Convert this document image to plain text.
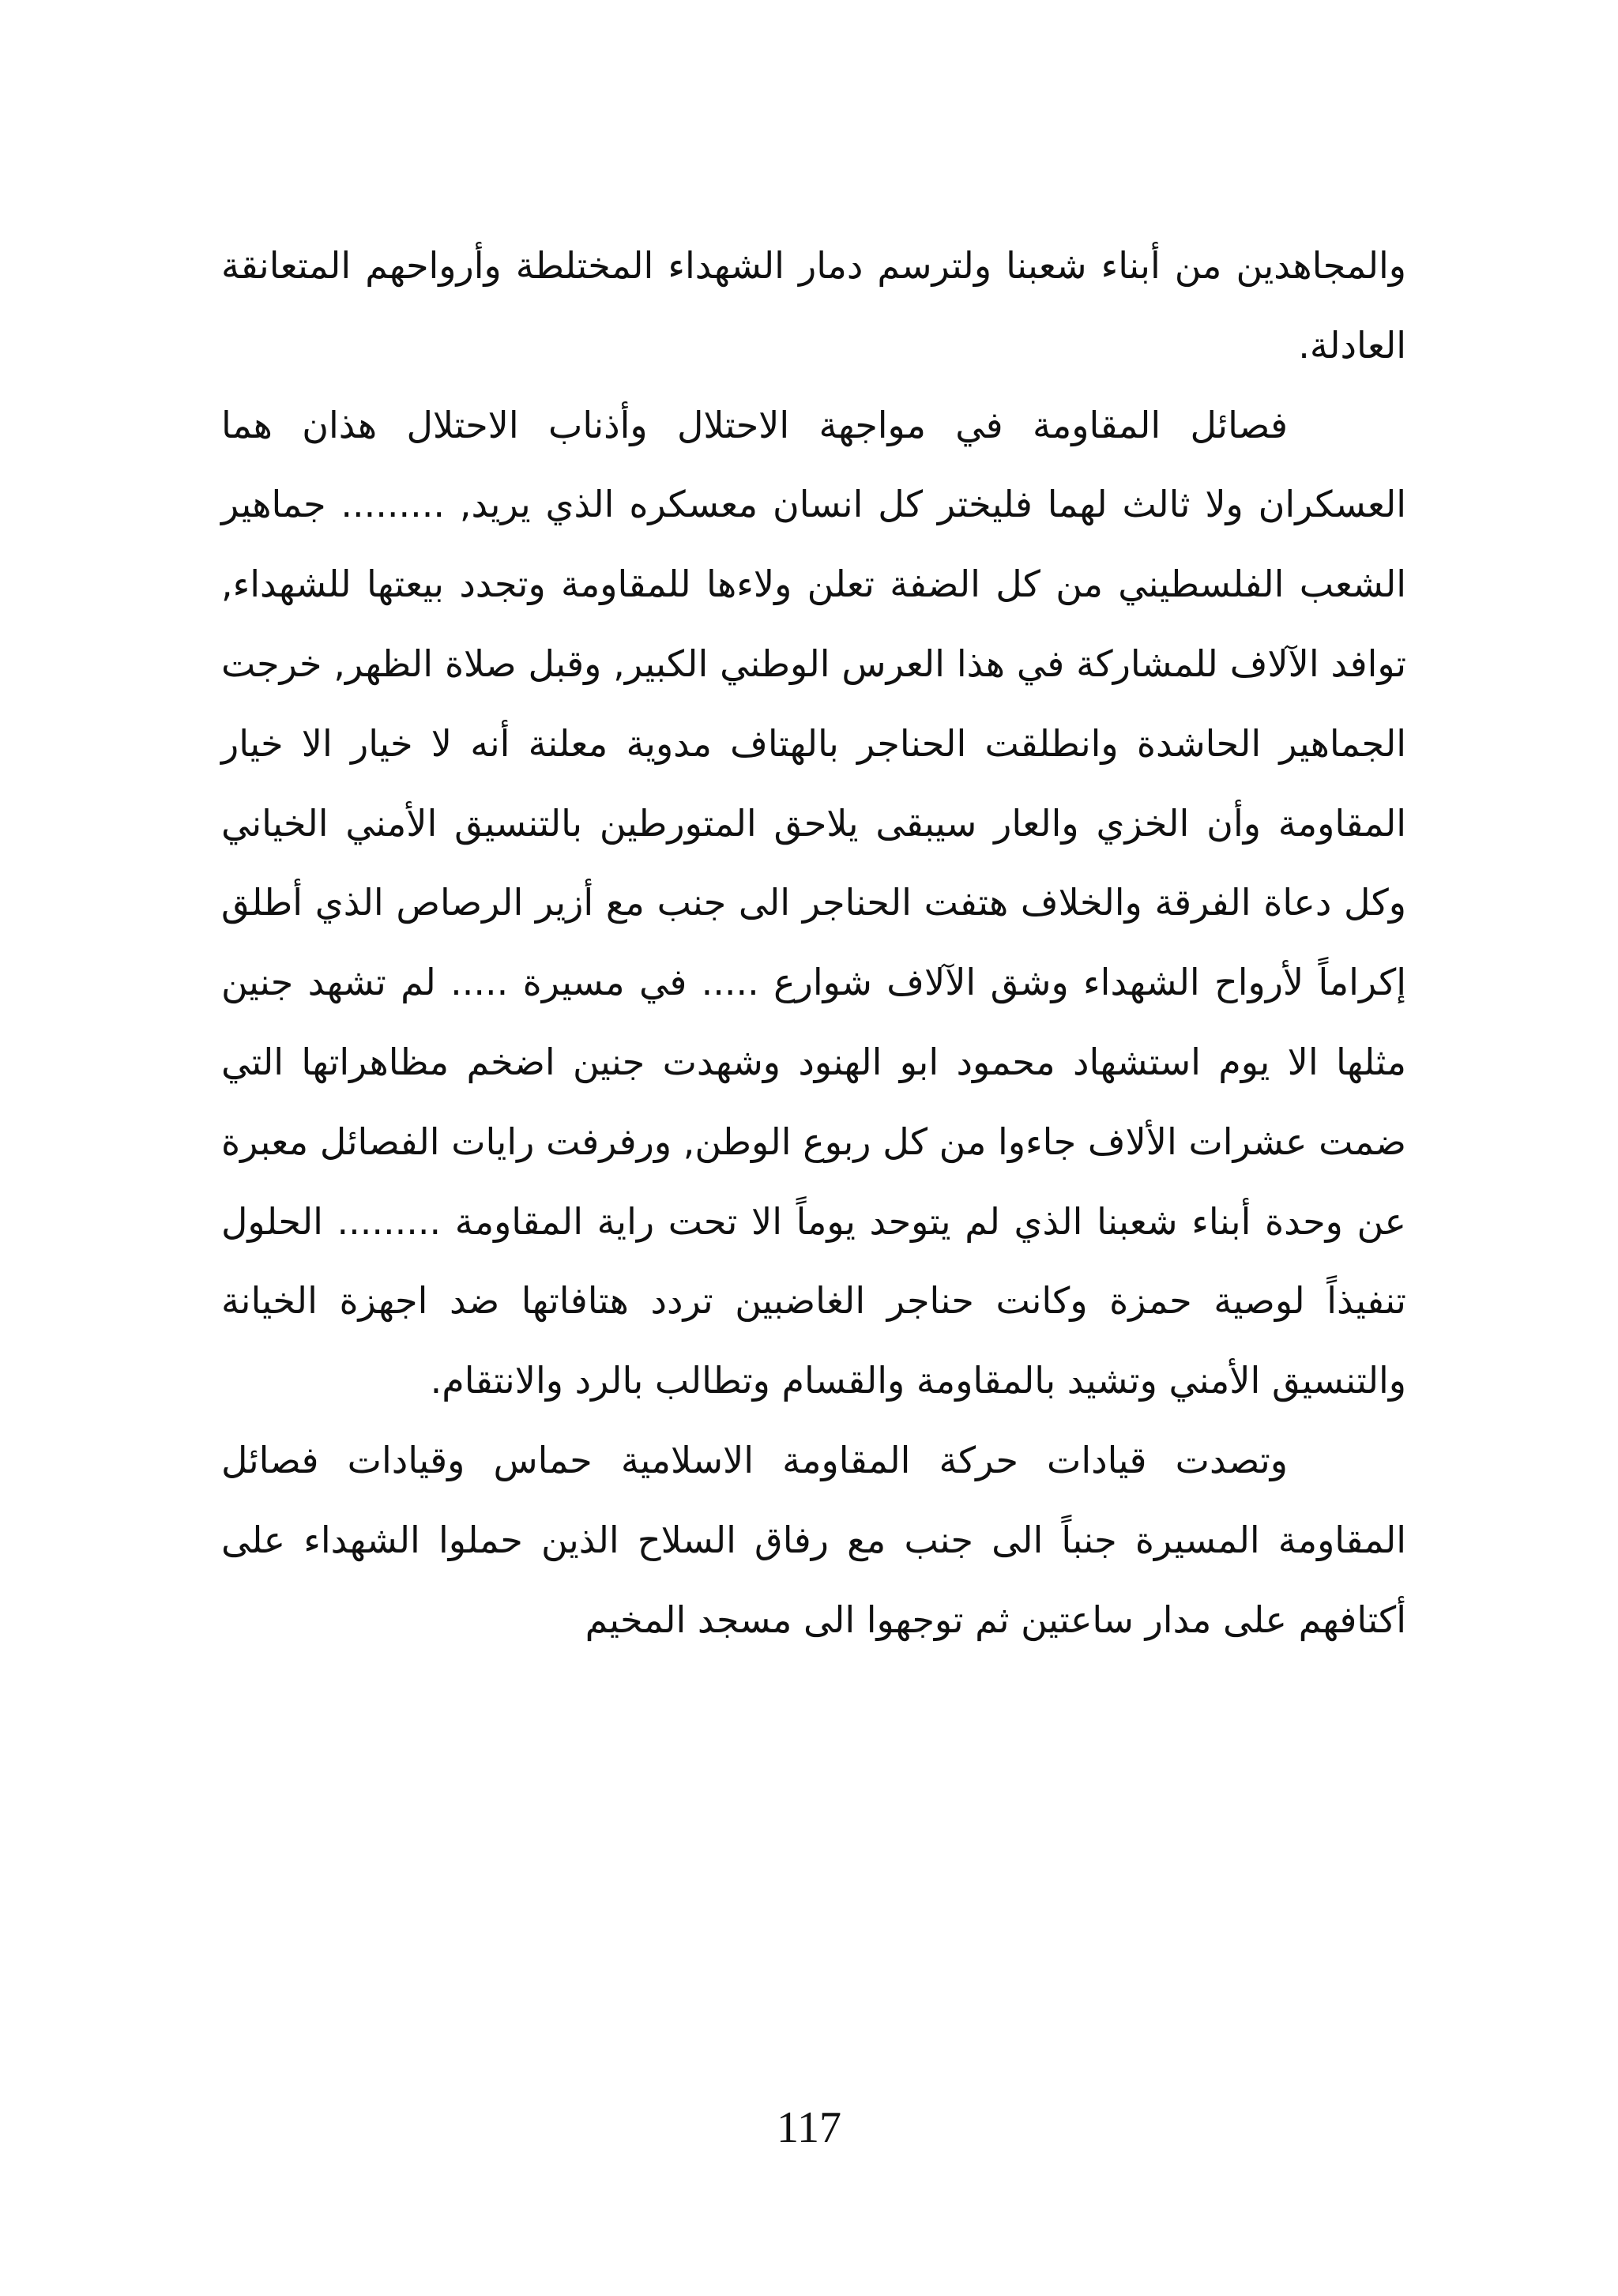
والمجاهدين من أبناء شعبنا ولترسم دمار الشهداء المختلطة وأرواحهم المتعانقة العادلة.

فصائل المقاومة في مواجهة الاحتلال وأذناب الاحتلال هذان هما العسكران ولا ثالث لهما فليختر كل انسان معسكره الذي يريد, ......... جماهير الشعب الفلسطيني من كل الضفة تعلن ولاءها للمقاومة وتجدد بيعتها للشهداء, توافد الآلاف للمشاركة في هذا العرس الوطني الكبير, وقبل صلاة الظهر, خرجت الجماهير الحاشدة وانطلقت الحناجر بالهتاف مدوية معلنة أنه لا خيار الا خيار المقاومة وأن الخزي والعار سيبقى يلاحق المتورطين بالتنسيق الأمني الخياني وكل دعاة الفرقة والخلاف هتفت الحناجر الى جنب مع أزير الرصاص الذي أطلق إكراماً لأرواح الشهداء وشق الآلاف شوارع ..... في مسيرة ..... لم تشهد جنين مثلها الا يوم استشهاد محمود ابو الهنود وشهدت جنين اضخم مظاهراتها التي ضمت عشرات الألاف جاءوا من كل ربوع الوطن, ورفرفت رايات الفصائل معبرة عن وحدة أبناء شعبنا الذي لم يتوحد يوماً الا تحت راية المقاومة ......... الحلول تنفيذاً لوصية حمزة وكانت حناجر الغاضبين تردد هتافاتها ضد اجهزة الخيانة والتنسيق الأمني وتشيد بالمقاومة والقسام وتطالب بالرد والانتقام.

وتصدت قيادات حركة المقاومة الاسلامية حماس وقيادات فصائل المقاومة المسيرة جنباً الى جنب مع رفاق السلاح الذين حملوا الشهداء على أكتافهم على مدار ساعتين ثم توجهوا الى مسجد المخيم

117
